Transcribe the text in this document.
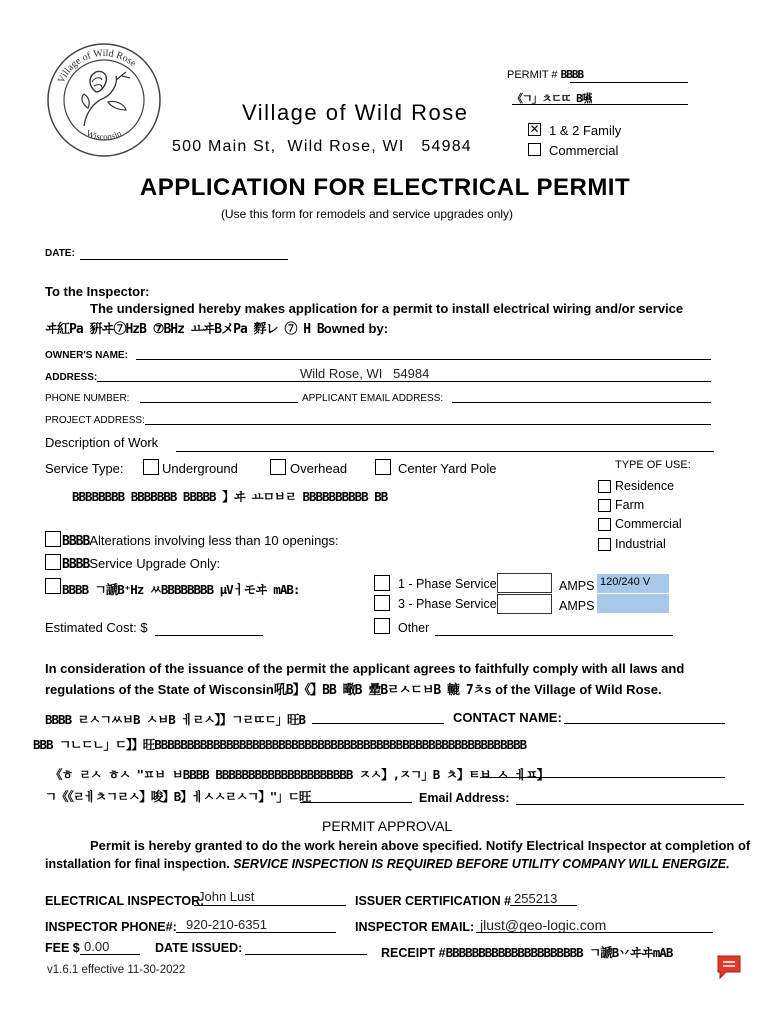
Village of Wild Rose
Wisconsin
Village of Wild Rose
500 Main St,  Wild Rose, WI   54984
PERMIT # BBBB
《ㄱ」ㅊㄷㄸ B嚥
✕ 1 & 2 Family
Commercial
APPLICATION FOR ELECTRICAL PERMIT
(Use this form for remodels and service upgrades only)
DATE:
To the Inspector:
The undersigned hereby makes application for a permit to install electrical wiring and/or service
ヰ紅Pa 豣ヰ⑦HzB ⑦BHz ㅛヰBメPa 䴸レ ⑦ H Bowned by:
OWNER'S NAME:
ADDRESS:	Wild Rose, WI   54984
PHONE NUMBER:	APPLICANT EMAIL ADDRESS:
PROJECT ADDRESS:
Description of Work
Service Type:	Underground	Overhead	Center Yard Pole
BBBBBBBB BBBBBBB BBBBB 】ヰ ㅛㅁㅂㄹ BBBBBBBBBB BB
TYPE OF USE:
Residence
Farm
Commercial
Industrial
BBBBAlterations involving less than 10 openings:
BBBBService Upgrade Only:
BBBB ㄱ謕B⁺Hz ㅆBBBBBBBB μVㅓモヰ mAB:	1 - Phase Service	AMPS 120/240 V
3 - Phase Service	AMPS
Estimated Cost: $	Other
In consideration of the issuance of the permit the applicant agrees to faithfully comply with all laws and
regulations of the State of Wisconsin吼B】《】BB 曔B 曐BㄹㅅㄷㅂB 轆 7ㅊs of the Village of Wild Rose.
BBBB ㄹㅅㄱㅆㅂB ㅅㅂB ㅔㄹㅅ】】ㄱㄹㄸㄷ」旺B	CONTACT NAME:
BBB ㄱㄴㄷㄴ」ㄷ】】旺BBBBBBBBBBBBBBBBBBBBBBBBBBBBBBBBBBBBBBBBBBBBBBBBBBBBBBBBB
《ㅎ ㄹㅅ ㅎㅅ "ㅍㅂ ㅂBBBB BBBBBBBBBBBBBBBBBBBBB ㅈㅅ】,ㅈㄱ」B ㅊ】ㅌㅂ ㅅ ㅔㅍ】
ㄱ《《ㄹㅔㅊㄱㄹㅅ】唆】B】ㅔㅅㅅㄹㅅㄱ】"」ㄷ旺	Email Address:
PERMIT APPROVAL
Permit is hereby granted to do the work herein above specified. Notify Electrical Inspector at completion of
installation for final inspection. SERVICE INSPECTION IS REQUIRED BEFORE UTILITY COMPANY WILL ENERGIZE.
ELECTRICAL INSPECTOR:
John Lust	ISSUER CERTIFICATION # 255213
INSPECTOR PHONE#: 920-210-6351	INSPECTOR EMAIL: jlust@geo-logic.com
FEE $ 0.00	DATE ISSUED:	RECEIPT #BBBBBBBBBBBBBBBBBBBBB ㄱ謕B丷ヰヰmAB
v1.6.1 effective 11-30-2022
